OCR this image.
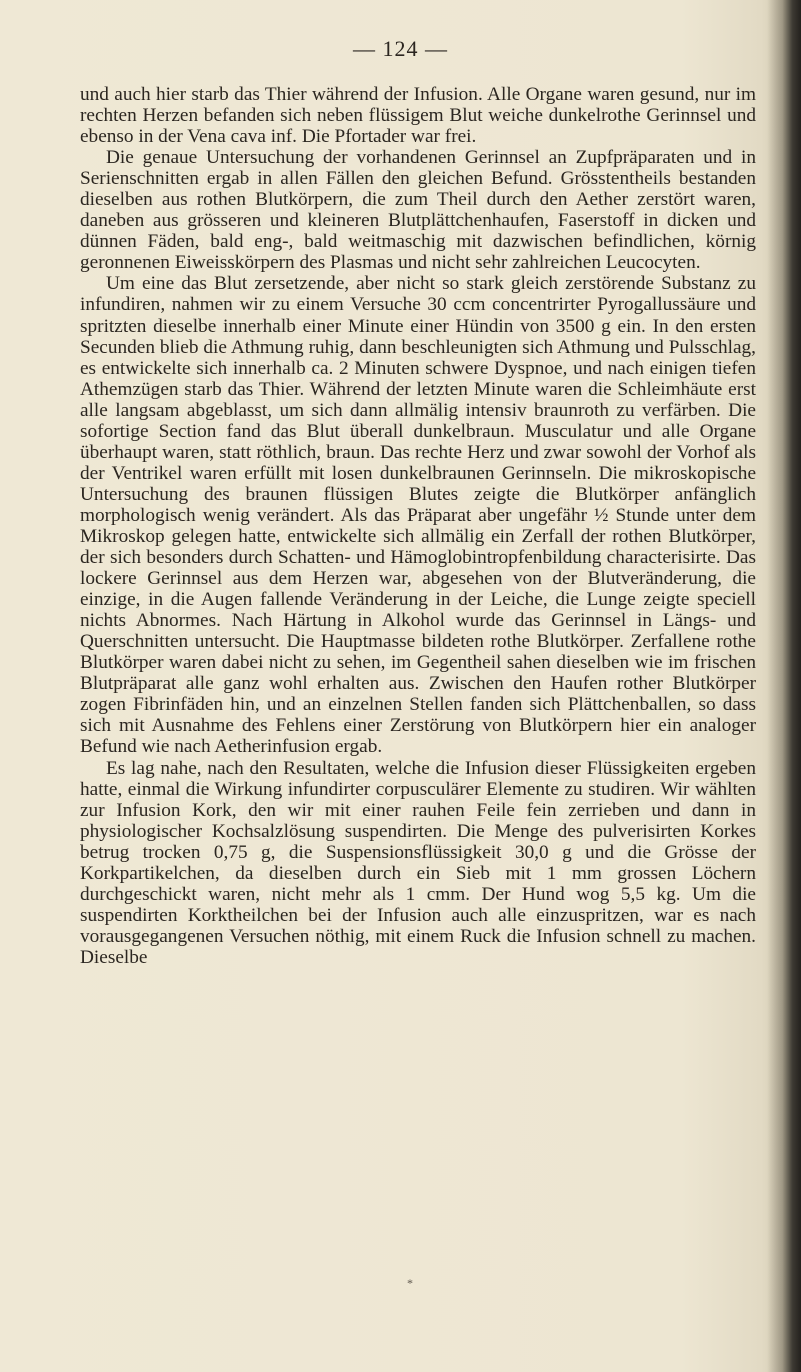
— 124 —

und auch hier starb das Thier während der Infusion. Alle Organe waren gesund, nur im rechten Herzen befanden sich neben flüssigem Blut weiche dunkelrothe Gerinnsel und ebenso in der Vena cava inf. Die Pfortader war frei.

Die genaue Untersuchung der vorhandenen Gerinnsel an Zupfpräparaten und in Serienschnitten ergab in allen Fällen den gleichen Befund. Grösstentheils bestanden dieselben aus rothen Blutkörpern, die zum Theil durch den Aether zerstört waren, daneben aus grösseren und kleineren Blutplättchenhaufen, Faserstoff in dicken und dünnen Fäden, bald eng-, bald weitmaschig mit dazwischen befindlichen, körnig geronnenen Eiweisskörpern des Plasmas und nicht sehr zahlreichen Leucocyten.

Um eine das Blut zersetzende, aber nicht so stark gleich zerstörende Substanz zu infundiren, nahmen wir zu einem Versuche 30 ccm concentrirter Pyrogallussäure und spritzten dieselbe innerhalb einer Minute einer Hündin von 3500 g ein. In den ersten Secunden blieb die Athmung ruhig, dann beschleunigten sich Athmung und Pulsschlag, es entwickelte sich innerhalb ca. 2 Minuten schwere Dyspnoe, und nach einigen tiefen Athemzügen starb das Thier. Während der letzten Minute waren die Schleimhäute erst alle langsam abgeblasst, um sich dann allmälig intensiv braunroth zu verfärben. Die sofortige Section fand das Blut überall dunkelbraun. Musculatur und alle Organe überhaupt waren, statt röthlich, braun. Das rechte Herz und zwar sowohl der Vorhof als der Ventrikel waren erfüllt mit losen dunkelbraunen Gerinnseln. Die mikroskopische Untersuchung des braunen flüssigen Blutes zeigte die Blutkörper anfänglich morphologisch wenig verändert. Als das Präparat aber ungefähr ½ Stunde unter dem Mikroskop gelegen hatte, entwickelte sich allmälig ein Zerfall der rothen Blutkörper, der sich besonders durch Schatten- und Hämoglobintropfenbildung characterisirte. Das lockere Gerinnsel aus dem Herzen war, abgesehen von der Blutveränderung, die einzige, in die Augen fallende Veränderung in der Leiche, die Lunge zeigte speciell nichts Abnormes. Nach Härtung in Alkohol wurde das Gerinnsel in Längs- und Querschnitten untersucht. Die Hauptmasse bildeten rothe Blutkörper. Zerfallene rothe Blutkörper waren dabei nicht zu sehen, im Gegentheil sahen dieselben wie im frischen Blutpräparat alle ganz wohl erhalten aus. Zwischen den Haufen rother Blutkörper zogen Fibrinfäden hin, und an einzelnen Stellen fanden sich Plättchenballen, so dass sich mit Ausnahme des Fehlens einer Zerstörung von Blutkörpern hier ein analoger Befund wie nach Aetherinfusion ergab.

Es lag nahe, nach den Resultaten, welche die Infusion dieser Flüssigkeiten ergeben hatte, einmal die Wirkung infundirter corpusculärer Elemente zu studiren. Wir wählten zur Infusion Kork, den wir mit einer rauhen Feile fein zerrieben und dann in physiologischer Kochsalzlösung suspendirten. Die Menge des pulverisirten Korkes betrug trocken 0,75 g, die Suspensionsflüssigkeit 30,0 g und die Grösse der Korkpartikelchen, da dieselben durch ein Sieb mit 1 mm grossen Löchern durchgeschickt waren, nicht mehr als 1 cmm. Der Hund wog 5,5 kg. Um die suspendirten Korktheilchen bei der Infusion auch alle einzuspritzen, war es nach vorausgegangenen Versuchen nöthig, mit einem Ruck die Infusion schnell zu machen. Dieselbe

*
